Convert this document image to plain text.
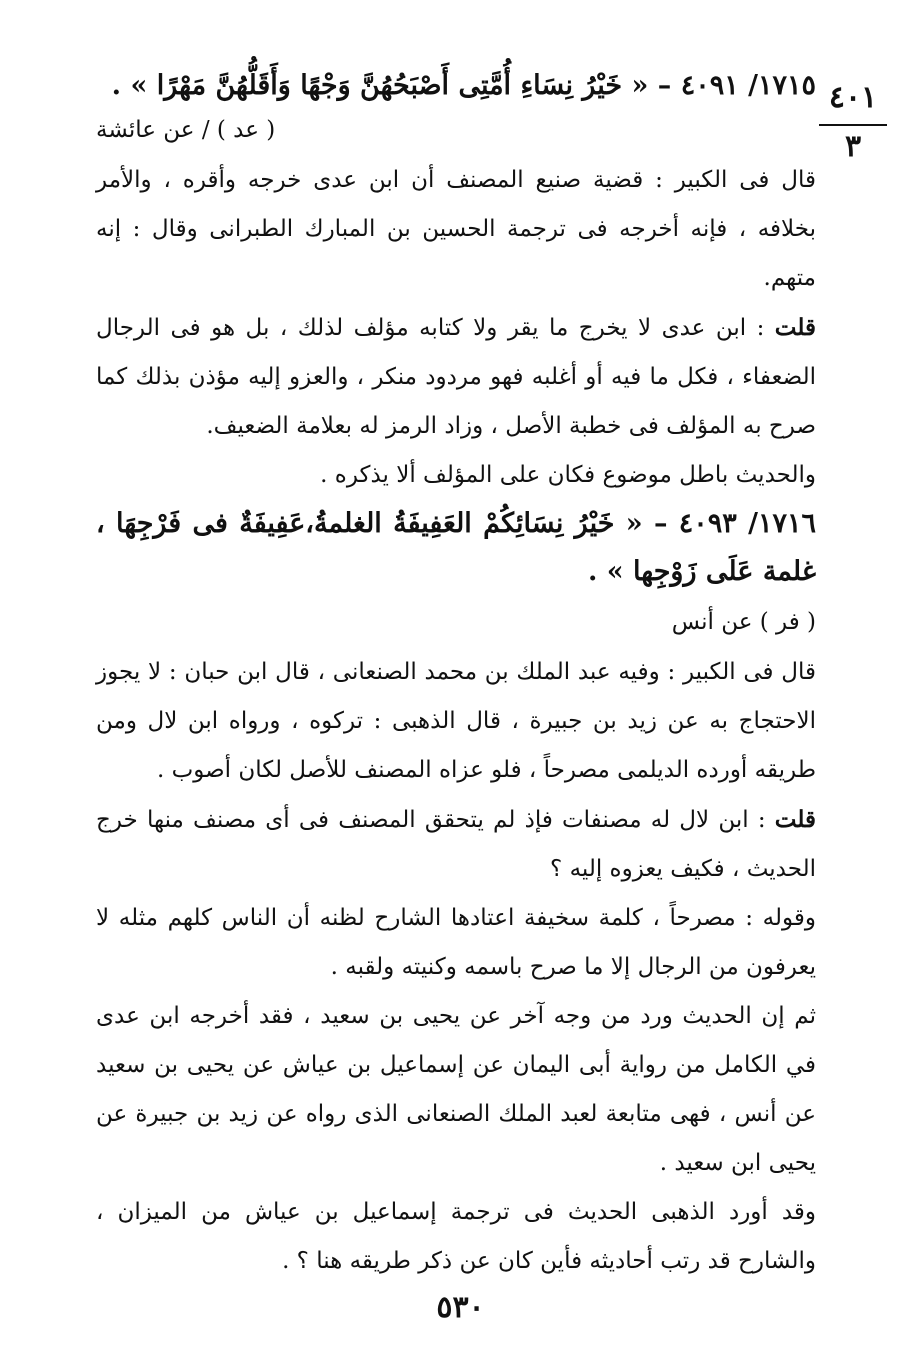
٤٠١
٣

١٧١٥/ ٤٠٩١ – « خَيْرُ نِسَاءِ أُمَّتِى أَصْبَحُهُنَّ وَجْهًا وَأَقَلُّهُنَّ مَهْرًا » .

( عد ) / عن عائشة

قال فى الكبير : قضية صنيع المصنف أن ابن عدى خرجه وأقره ، والأمر بخلافه ، فإنه أخرجه فى ترجمة الحسين بن المبارك الطبرانى وقال : إنه متهم.

قلت : ابن عدى لا يخرج ما يقر ولا كتابه مؤلف لذلك ، بل هو فى الرجال الضعفاء ، فكل ما فيه أو أغلبه فهو مردود منكر ، والعزو إليه مؤذن بذلك كما صرح به المؤلف فى خطبة الأصل ، وزاد الرمز له بعلامة الضعيف.

والحديث باطل موضوع فكان على المؤلف ألا يذكره .

١٧١٦/ ٤٠٩٣ – « خَيْرُ نِسَائِكُمْ العَفِيفَةُ الغلمةُ،عَفِيفَةٌ فى فَرْجِهَا ، غلمة عَلَى زَوْجِها » .

( فر ) عن أنس

قال فى الكبير : وفيه عبد الملك بن محمد الصنعانى ، قال ابن حبان : لا يجوز الاحتجاج به عن زيد بن جبيرة ، قال الذهبى : تركوه ، ورواه ابن لال ومن طريقه أورده الديلمى مصرحاً ، فلو عزاه المصنف للأصل لكان أصوب .

قلت : ابن لال له مصنفات فإذ لم يتحقق المصنف فى أى مصنف منها خرج الحديث ، فكيف يعزوه إليه ؟

وقوله : مصرحاً ، كلمة سخيفة اعتادها الشارح لظنه أن الناس كلهم مثله لا يعرفون من الرجال إلا ما صرح باسمه وكنيته ولقبه .

ثم إن الحديث ورد من وجه آخر عن يحيى بن سعيد ، فقد أخرجه ابن عدى في الكامل من رواية أبى اليمان عن إسماعيل بن عياش عن يحيى بن سعيد عن أنس ، فهى متابعة لعبد الملك الصنعانى الذى رواه عن زيد بن جبيرة عن يحيى ابن سعيد .

وقد أورد الذهبى الحديث فى ترجمة إسماعيل بن عياش من الميزان ، والشارح قد رتب أحاديثه فأين كان عن ذكر طريقه هنا ؟ .

٥٣٠
